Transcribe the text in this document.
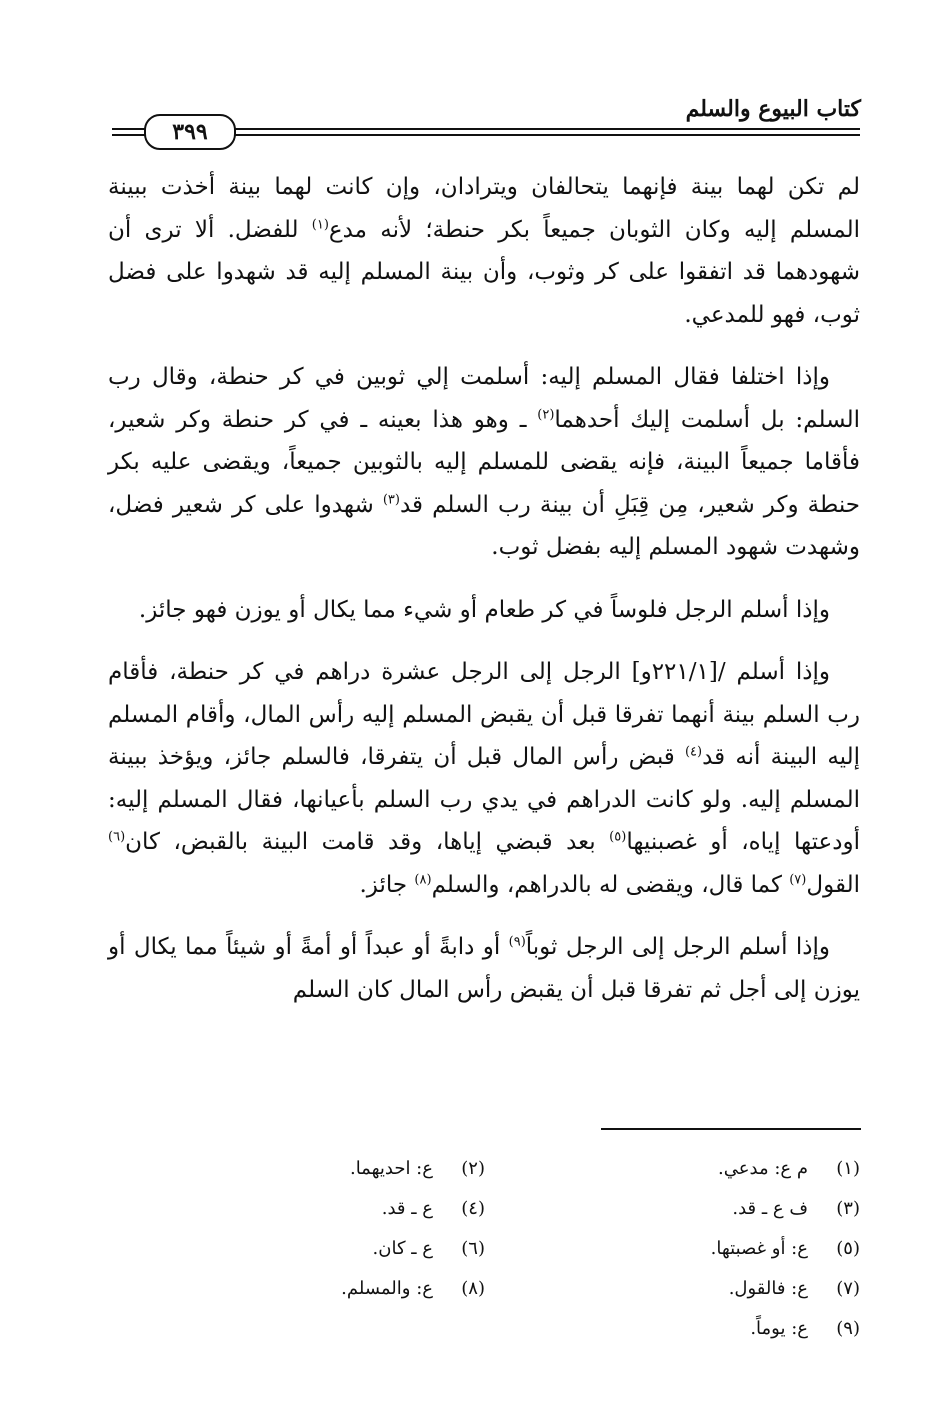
كتاب البيوع والسلم
٣٩٩

لم تكن لهما بينة فإنهما يتحالفان ويترادان، وإن كانت لهما بينة أخذت ببينة المسلم إليه وكان الثوبان جميعاً بكر حنطة؛ لأنه مدع$^{(١)}$ للفضل. ألا ترى أن شهودهما قد اتفقوا على كر وثوب، وأن بينة المسلم إليه قد شهدوا على فضل ثوب، فهو للمدعي.

وإذا اختلفا فقال المسلم إليه: أسلمت إلي ثوبين في كر حنطة، وقال رب السلم: بل أسلمت إليك أحدهما$^{(٢)}$ ـ وهو هذا بعينه ـ في كر حنطة وكر شعير، فأقاما جميعاً البينة، فإنه يقضى للمسلم إليه بالثوبين جميعاً، ويقضى عليه بكر حنطة وكر شعير، مِن قِبَلِ أن بينة رب السلم قد$^{(٣)}$ شهدوا على كر شعير فضل، وشهدت شهود المسلم إليه بفضل ثوب.

وإذا أسلم الرجل فلوساً في كر طعام أو شيء مما يكال أو يوزن فهو جائز.

وإذا أسلم /[٢٢١/١و] الرجل إلى الرجل عشرة دراهم في كر حنطة، فأقام رب السلم بينة أنهما تفرقا قبل أن يقبض المسلم إليه رأس المال، وأقام المسلم إليه البينة أنه قد$^{(٤)}$ قبض رأس المال قبل أن يتفرقا، فالسلم جائز، ويؤخذ ببينة المسلم إليه. ولو كانت الدراهم في يدي رب السلم بأعيانها، فقال المسلم إليه: أودعتها إياه، أو غصبنيها$^{(٥)}$ بعد قبضي إياها، وقد قامت البينة بالقبض، كان$^{(٦)}$ القول$^{(٧)}$ كما قال، ويقضى له بالدراهم، والسلم$^{(٨)}$ جائز.

وإذا أسلم الرجل إلى الرجل ثوباً$^{(٩)}$ أو دابةً أو عبداً أو أمةً أو شيئاً مما يكال أو يوزن إلى أجل ثم تفرقا قبل أن يقبض رأس المال كان السلم

(١)
م ع: مدعي.
(٢)
ع: احديهما.
(٣)
ف ع ـ قد.
(٤)
ع ـ قد.
(٥)
ع: أو غصبتها.
(٦)
ع ـ كان.
(٧)
ع: فالقول.
(٨)
ع: والمسلم.
(٩)
ع: يوماً.
